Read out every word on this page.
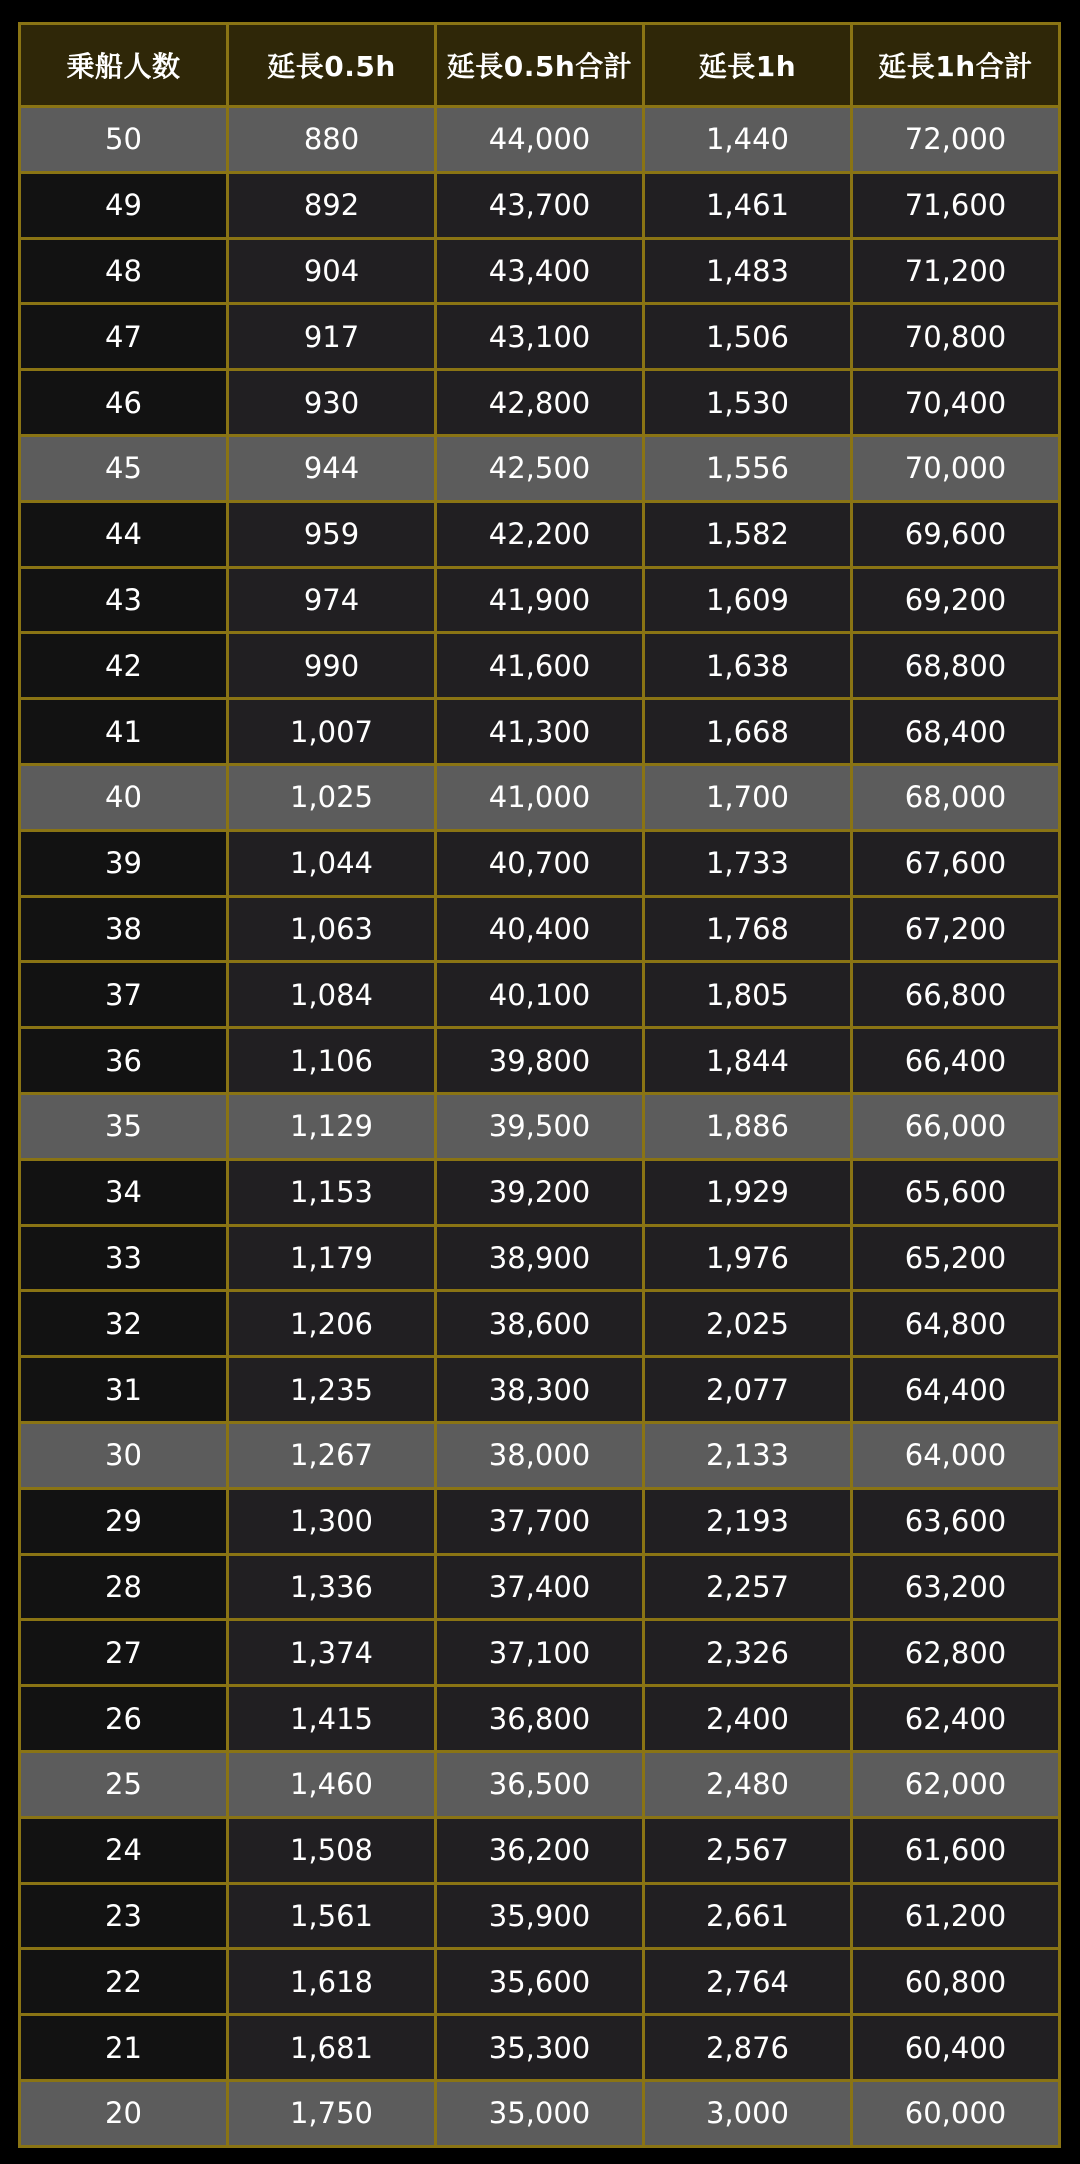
乗船人数	延長0.5h	延長0.5h合計	延長1h	延長1h合計
50	880	44,000	1,440	72,000
49	892	43,700	1,461	71,600
48	904	43,400	1,483	71,200
47	917	43,100	1,506	70,800
46	930	42,800	1,530	70,400
45	944	42,500	1,556	70,000
44	959	42,200	1,582	69,600
43	974	41,900	1,609	69,200
42	990	41,600	1,638	68,800
41	1,007	41,300	1,668	68,400
40	1,025	41,000	1,700	68,000
39	1,044	40,700	1,733	67,600
38	1,063	40,400	1,768	67,200
37	1,084	40,100	1,805	66,800
36	1,106	39,800	1,844	66,400
35	1,129	39,500	1,886	66,000
34	1,153	39,200	1,929	65,600
33	1,179	38,900	1,976	65,200
32	1,206	38,600	2,025	64,800
31	1,235	38,300	2,077	64,400
30	1,267	38,000	2,133	64,000
29	1,300	37,700	2,193	63,600
28	1,336	37,400	2,257	63,200
27	1,374	37,100	2,326	62,800
26	1,415	36,800	2,400	62,400
25	1,460	36,500	2,480	62,000
24	1,508	36,200	2,567	61,600
23	1,561	35,900	2,661	61,200
22	1,618	35,600	2,764	60,800
21	1,681	35,300	2,876	60,400
20	1,750	35,000	3,000	60,000
